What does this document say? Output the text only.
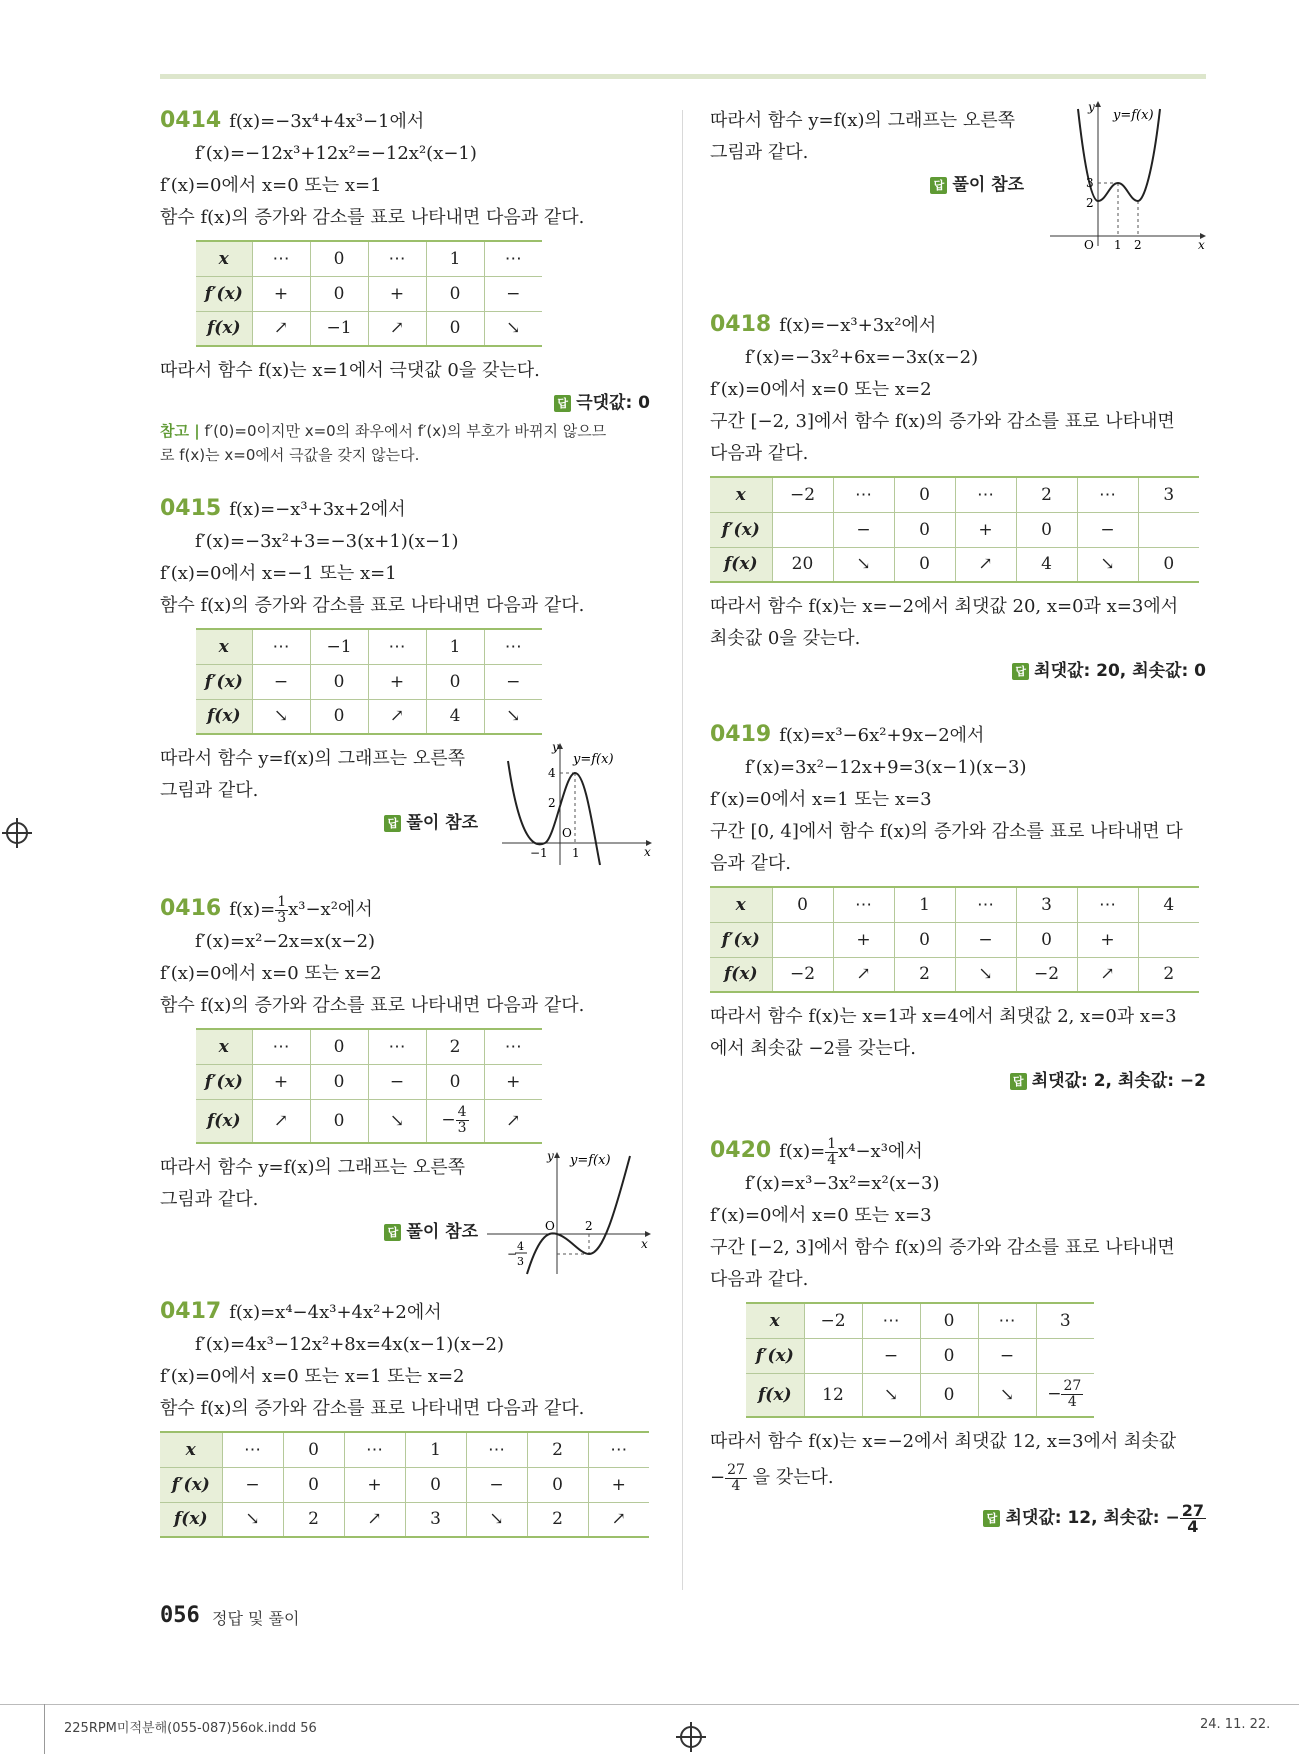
0414 f(x)=−3x⁴+4x³−1에서
f′(x)=−12x³+12x²=−12x²(x−1)
f′(x)=0에서 x=0 또는 x=1
함수 f(x)의 증가와 감소를 표로 나타내면 다음과 같다.
x	⋯	0	⋯	1	⋯
f′(x)	+	0	+	0	−
f(x)	↗	−1	↗	0	↘
따라서 함수 f(x)는 x=1에서 극댓값 0을 갖는다.
답 극댓값: 0
참고 | f′(0)=0이지만 x=0의 좌우에서 f′(x)의 부호가 바뀌지 않으므
로 f(x)는 x=0에서 극값을 갖지 않는다.
0415 f(x)=−x³+3x+2에서
f′(x)=−3x²+3=−3(x+1)(x−1)
f′(x)=0에서 x=−1 또는 x=1
함수 f(x)의 증가와 감소를 표로 나타내면 다음과 같다.
x	⋯	−1	⋯	1	⋯
f′(x)	−	0	+	0	−
f(x)	↘	0	↗	4	↘
따라서 함수 y=f(x)의 그래프는 오른쪽
그림과 같다.
답 풀이 참조
y
x
y=f(x)
4
2
O
−1 1
0416 $f(x)= \frac{1}{3} x^3-x^2$에서
f′(x)=x²−2x=x(x−2)
f′(x)=0에서 x=0 또는 x=2
함수 f(x)의 증가와 감소를 표로 나타내면 다음과 같다.
x	⋯	0	⋯	2	⋯
f′(x)	+	0	−	0	+
f(x)	↗	0	↘	− $\frac{4}{3}$	↗
따라서 함수 y=f(x)의 그래프는 오른쪽
그림과 같다.
답 풀이 참조
y
x
y=f(x)
O	2
−
4
3
0417 f(x)=x⁴−4x³+4x²+2에서
f′(x)=4x³−12x²+8x=4x(x−1)(x−2)
f′(x)=0에서 x=0 또는 x=1 또는 x=2
함수 f(x)의 증가와 감소를 표로 나타내면 다음과 같다.
x	⋯	0	⋯	1	⋯	2	⋯
f′(x)	−	0	+	0	−	0	+
f(x)	↘	2	↗	3	↘	2	↗
따라서 함수 y=f(x)의 그래프는 오른쪽
그림과 같다.
답 풀이 참조
y
x
y=f(x)
3
2
O 1 2
0418 f(x)=−x³+3x²에서
f′(x)=−3x²+6x=−3x(x−2)
f′(x)=0에서 x=0 또는 x=2
구간 [−2, 3]에서 함수 f(x)의 증가와 감소를 표로 나타내면
다음과 같다.
x	−2	⋯	0	⋯	2	⋯	3
f′(x)		−	0	+	0	−	
f(x)	20	↘	0	↗	4	↘	0
따라서 함수 f(x)는 x=−2에서 최댓값 20, x=0과 x=3에서
최솟값 0을 갖는다.
답 최댓값: 20, 최솟값: 0
0419 f(x)=x³−6x²+9x−2에서
f′(x)=3x²−12x+9=3(x−1)(x−3)
f′(x)=0에서 x=1 또는 x=3
구간 [0, 4]에서 함수 f(x)의 증가와 감소를 표로 나타내면 다
음과 같다.
x	0	⋯	1	⋯	3	⋯	4
f′(x)		+	0	−	0	+	
f(x)	−2	↗	2	↘	−2	↗	2
따라서 함수 f(x)는 x=1과 x=4에서 최댓값 2, x=0과 x=3
에서 최솟값 −2를 갖는다.
답 최댓값: 2, 최솟값: −2
0420 $f(x)= \frac{1}{4} x^4-x^3$에서
f′(x)=x³−3x²=x²(x−3)
f′(x)=0에서 x=0 또는 x=3
구간 [−2, 3]에서 함수 f(x)의 증가와 감소를 표로 나타내면
다음과 같다.
x	−2	⋯	0	⋯	3
f′(x)		−	0	−	
f(x)	12	↘	0	↘	− $\frac{27}{4}$
따라서 함수 f(x)는 x=−2에서 최댓값 12, x=3에서 최솟값
− $\frac{27}{4}$ 을 갖는다.
답 최댓값: 12, 최솟값: − $\frac{27}{4}$
056 정답 및 풀이
225RPM미적분해(055-087)56ok.indd 56	24. 11. 22.
